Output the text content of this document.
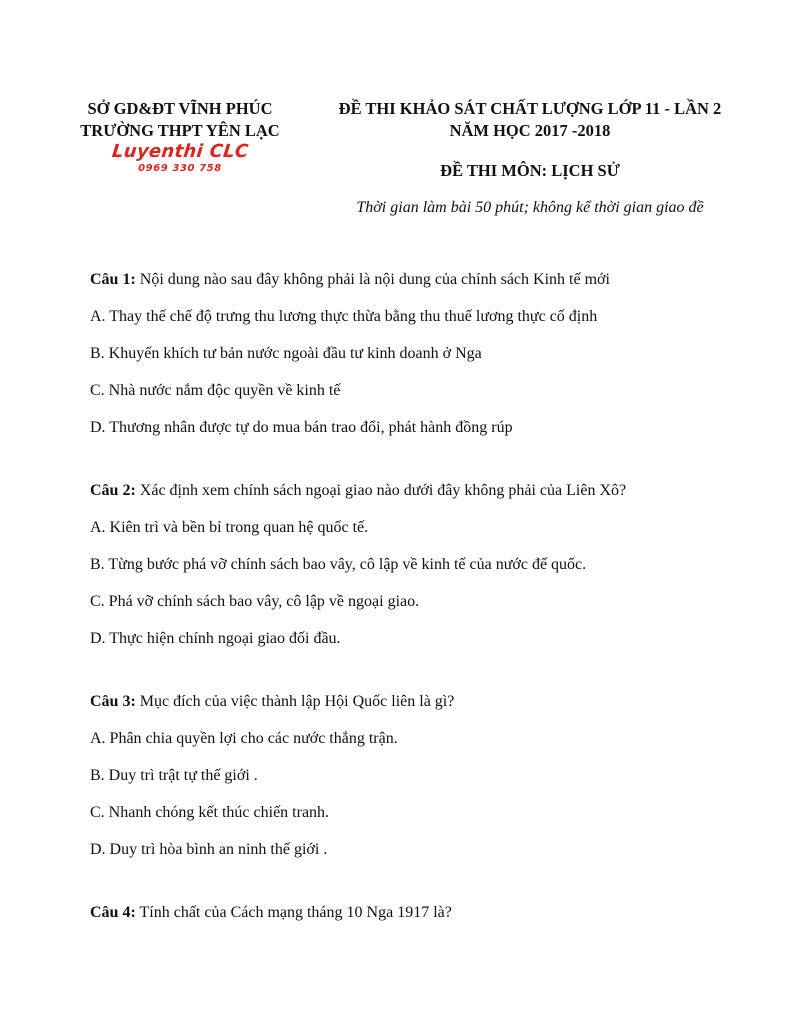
SỞ GD&ĐT VĨNH PHÚC
TRƯỜNG THPT YÊN LẠC
Luyenthi CLC
0969 330 758
ĐỀ THI KHẢO SÁT CHẤT LƯỢNG LỚP 11 - LẦN 2
NĂM HỌC 2017 -2018
ĐỀ THI MÔN: LỊCH SỬ
Thời gian làm bài 50 phút; không kể thời gian giao đề

Câu 1: Nội dung nào sau đây không phải là nội dung của chính sách Kinh tế mới

A. Thay thế chế độ trưng thu lương thực thừa bằng thu thuế lương thực cố định

B. Khuyến khích tư bản nước ngoài đầu tư kinh doanh ở Nga

C. Nhà nước nắm độc quyền về kinh tế

D. Thương nhân được tự do mua bán trao đổi, phát hành đồng rúp

Câu 2: Xác định xem chính sách ngoại giao nào dưới đây không phải của Liên Xô?

A. Kiên trì và bền bỉ trong quan hệ quốc tế.

B. Từng bước phá vỡ chính sách bao vây, cô lập về kinh tế của nước đế quốc.

C. Phá vỡ chính sách bao vây, cô lập về ngoại giao.

D. Thực hiện chính ngoại giao đối đầu.

Câu 3: Mục đích của việc thành lập Hội Quốc liên là gì?

A. Phân chia quyền lợi cho các nước thắng trận.

B. Duy trì trật tự thế giới .

C. Nhanh chóng kết thúc chiến tranh.

D. Duy trì hòa bình an ninh thế giới .

Câu 4: Tính chất của Cách mạng tháng 10 Nga 1917 là?
